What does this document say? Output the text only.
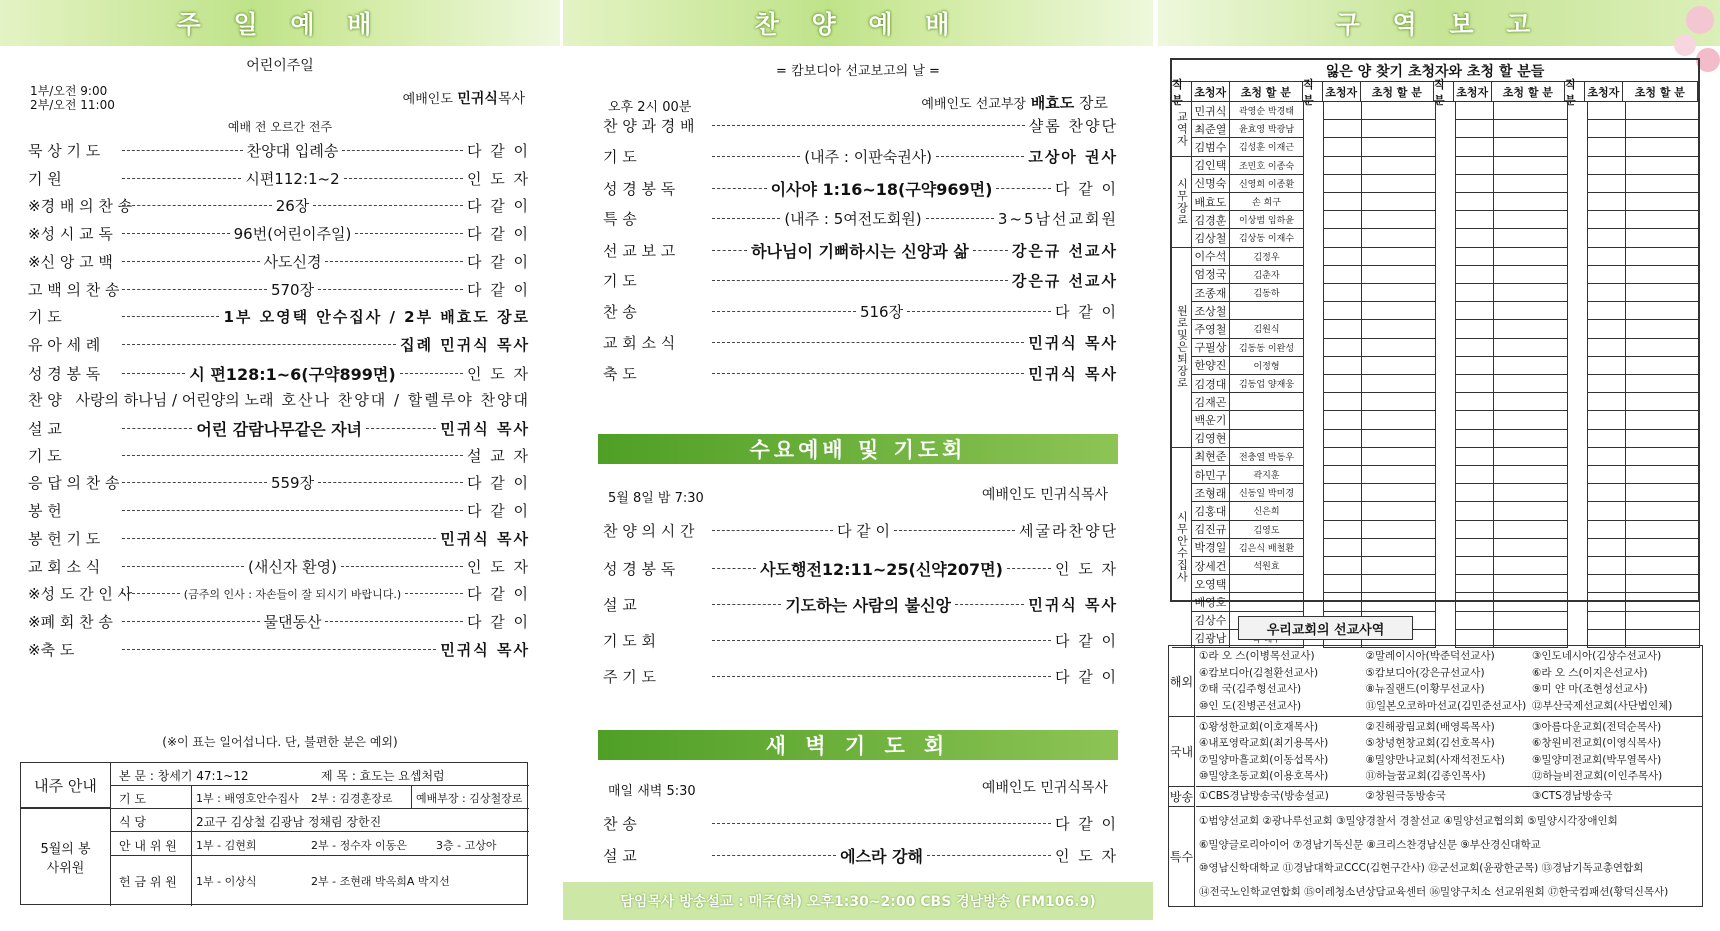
주 일 예 배
어린이주일
1부/오전 9:00
2부/오전 11:00	예배인도 민귀식목사
예배 전 오르간 전주
묵 상 기 도	찬양대 입례송	다 같 이
기 원	시편112:1~2	인 도 자
※경 배 의 찬 송	26장	다 같 이
※성 시 교 독	96번(어린이주일)	다 같 이
※신 앙 고 백	사도신경	다 같 이
고 백 의 찬 송	570장	다 같 이
기 도	1부 오영택 안수집사 / 2부 배효도 장로
유 아 세 례	집례 민귀식 목사
성 경 봉 독	시 편128:1~6(구약899면)	인 도 자
찬 양 사랑의 하나님 / 어린양의 노래 호산나 찬양대 / 할렐루야 찬양대
설 교	어린 감람나무같은 자녀	민귀식 목사
기 도	설 교 자
응 답 의 찬 송	559장	다 같 이
봉 헌	다 같 이
봉 헌 기 도	민귀식 목사
교 회 소 식	(새신자 환영)	인 도 자
※성 도 간 인 사	(금주의 인사 : 자손들이 잘 되시기 바랍니다.)	다 같 이
※폐 회 찬 송	물댄동산	다 같 이
※축 도	민귀식 목사
(※이 표는 일어섭니다. 단, 불편한 분은 예외)
내주 안내
본 문 : 창세기 47:1~12	제 목 : 효도는 요셉처럼
기 도	1부 : 배영호안수집사 2부 : 김경훈장로 예배부장 : 김상철장로
5월의 봉사위원
식 당	2교구 김상철 김광남 정채림 장한진
안 내 위 원 1부 - 김현희	2부 - 정수자 이동은	3층 - 고상아
헌 금 위 원 1부 - 이상식	2부 - 조현래 박옥희A 박지선
찬 양 예 배
= 캄보디아 선교보고의 날 =
오후 2시 00분	예배인도 선교부장 배효도 장로
찬 양 과 경 배	샬롬 찬양단
기 도	(내주 : 이판숙권사)	고상아 권사
성 경 봉 독	이사야 1:16~18(구약969면)	다 같 이
특 송	(내주 : 5여전도회원)	3~5남선교회원
선 교 보 고	하나님이 기뻐하시는 신앙과 삶	강은규 선교사
기 도	강은규 선교사
찬 송	516장	다 같 이
교 회 소 식	민귀식 목사
축 도	민귀식 목사
수요예배 및 기도회
5월 8일 밤 7:30	예배인도 민귀식목사
찬 양 의 시 간	다 같 이	세굴라찬양단
성 경 봉 독	사도행전12:11~25(신약207면)	인 도 자
설 교	기도하는 사람의 불신앙	민귀식 목사
기 도 회	다 같 이
주 기 도	다 같 이
새 벽 기 도 회
매일 새벽 5:30	예배인도 민귀식목사
찬 송	다 같 이
설 교	에스라 강해	인 도 자
담임목사 방송설교 : 매주(화) 오후1:30~2:00 CBS 경남방송 (FM106.9)
구 역 보 고
잃은 양 찾기 초청자와 초청 할 분들
직분
초청자	초청 할 분
직분
초청자	초청 할 분
직분
초청자	초청 할 분
직분
초청자	초청 할 분
교역자 민귀식	곽영순 박경태
최준열	윤효영 박광남
김범수	김성훈 이재근
시무장로
김인택	조민호 이종숙
신명숙	신영희 이종환
배효도	손 희구
김경훈	이상범 임하윤
김상철	김상동 이재수
원로및은퇴장로
이수석	김정우
엄정국	김춘자
조종재	김동하
조상철
주영철	김원식
구필상	김동동 이완성
한양진	이정형
김경대	김동업 양재웅
김재곤
백운기
김영현
시무안수집사
최현준	전충열 박동우
하민구	곽지훈
조형래	신동일 박미경
김홍대	신은희
김진규	김영도
박경일	김은식 배철환
장세건	석원효
오영택
배영호
김상수
김광남
우리교회의 선교사역
해외
①라 오 스(이병목선교사)	②말레이시아(박준덕선교사)	③인도네시아(김상수선교사)
④캄보디아(김철환선교사)	⑤캄보디아(강은규선교사)	⑥라 오 스(이지은선교사)
⑦태 국(김주형선교사)	⑧뉴질랜드(이황무선교사)	⑨미 얀 마(조현성선교사)
⑩인 도(진병곤선교사)	⑪일본오코하마선교(김민준선교사) ⑫부산국제선교회(사단법인체)
국내
①왕성한교회(이호재목사)	②진해광림교회(배영록목사)	③아름다운교회(전덕순목사)
④내포영락교회(최기용목사)	⑤창녕현창교회(김선호목사)	⑥창원비전교회(이영식목사)
⑦밀양마흘교회(이동섭목사)	⑧밀양만나교회(사재석전도사)	⑨밀양미전교회(박무열목사)
⑩밀양초동교회(이용호목사)	⑪하늘꿈교회(김종인목사)	⑫하늘비전교회(이인주목사)
방송 ①CBS경남방송국(방송설교)	②창원극동방송국	③CTS경남방송국
특수
①범양선교회 ②광나루선교회 ③밀양경찰서 경찰선교 ④밀양선교협의회 ⑤밀양시각장애인회
⑥밀양글로리아이어 ⑦경남기독신문 ⑧크리스찬경남신문 ⑨부산경신대학교
⑩영남신학대학교 ⑪경남대학교CCC(김현구간사) ⑫군선교회(윤광한군목) ⑬경남기독교총연합회
⑭전국노인학교연합회 ⑮이레청소년상담교육센터 ⑯밀양구치소 선교위원회 ⑰한국컴패션(황덕신목사)
